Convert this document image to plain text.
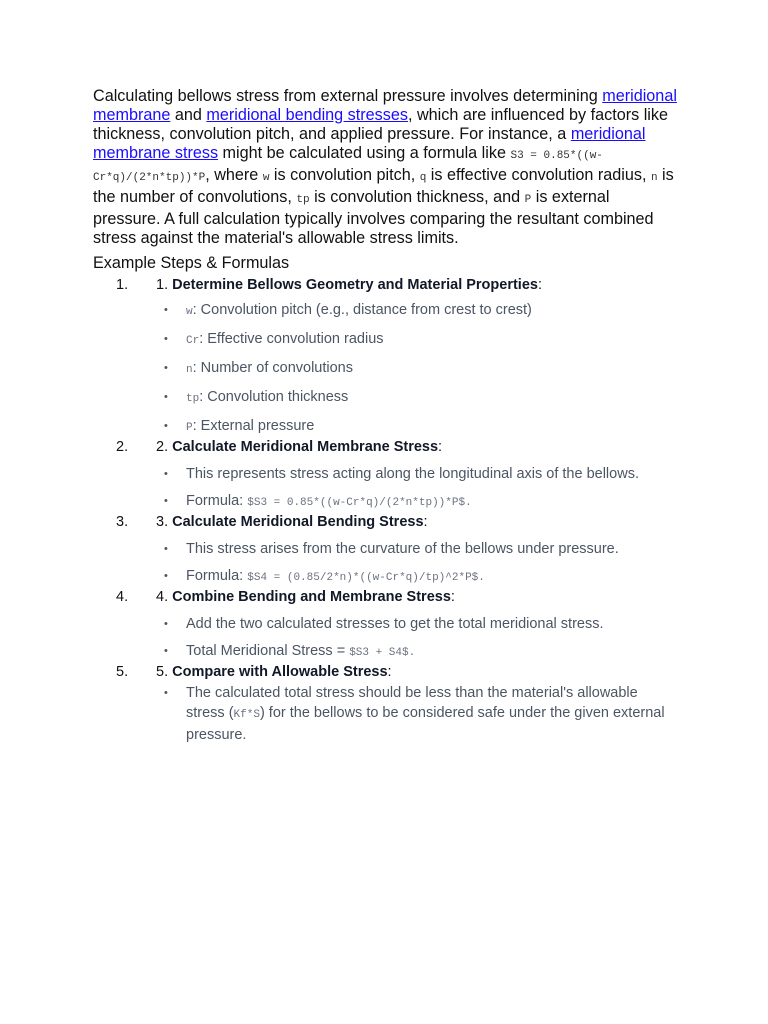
Calculating bellows stress from external pressure involves determining meridional membrane and meridional bending stresses, which are influenced by factors like thickness, convolution pitch, and applied pressure. For instance, a meridional membrane stress might be calculated using a formula like S3 = 0.85*((w-Cr*q)/(2*n*tp))*P, where w is convolution pitch, q is effective convolution radius, n is the number of convolutions, tp is convolution thickness, and P is external pressure. A full calculation typically involves comparing the resultant combined stress against the material's allowable stress limits.

Example Steps & Formulas
1. 1. Determine Bellows Geometry and Material Properties:
• w: Convolution pitch (e.g., distance from crest to crest)
• Cr: Effective convolution radius
• n: Number of convolutions
• tp: Convolution thickness
• P: External pressure
2. 2. Calculate Meridional Membrane Stress:
• This represents stress acting along the longitudinal axis of the bellows.
• Formula: $S3 = 0.85*((w-Cr*q)/(2*n*tp))*P$.
3. 3. Calculate Meridional Bending Stress:
• This stress arises from the curvature of the bellows under pressure.
• Formula: $S4 = (0.85/2*n)*((w-Cr*q)/tp)^2*P$.
4. 4. Combine Bending and Membrane Stress:
• Add the two calculated stresses to get the total meridional stress.
• Total Meridional Stress = $S3 + S4$.
5. 5. Compare with Allowable Stress:
• The calculated total stress should be less than the material's allowable stress (Kf*S) for the bellows to be considered safe under the given external pressure.
